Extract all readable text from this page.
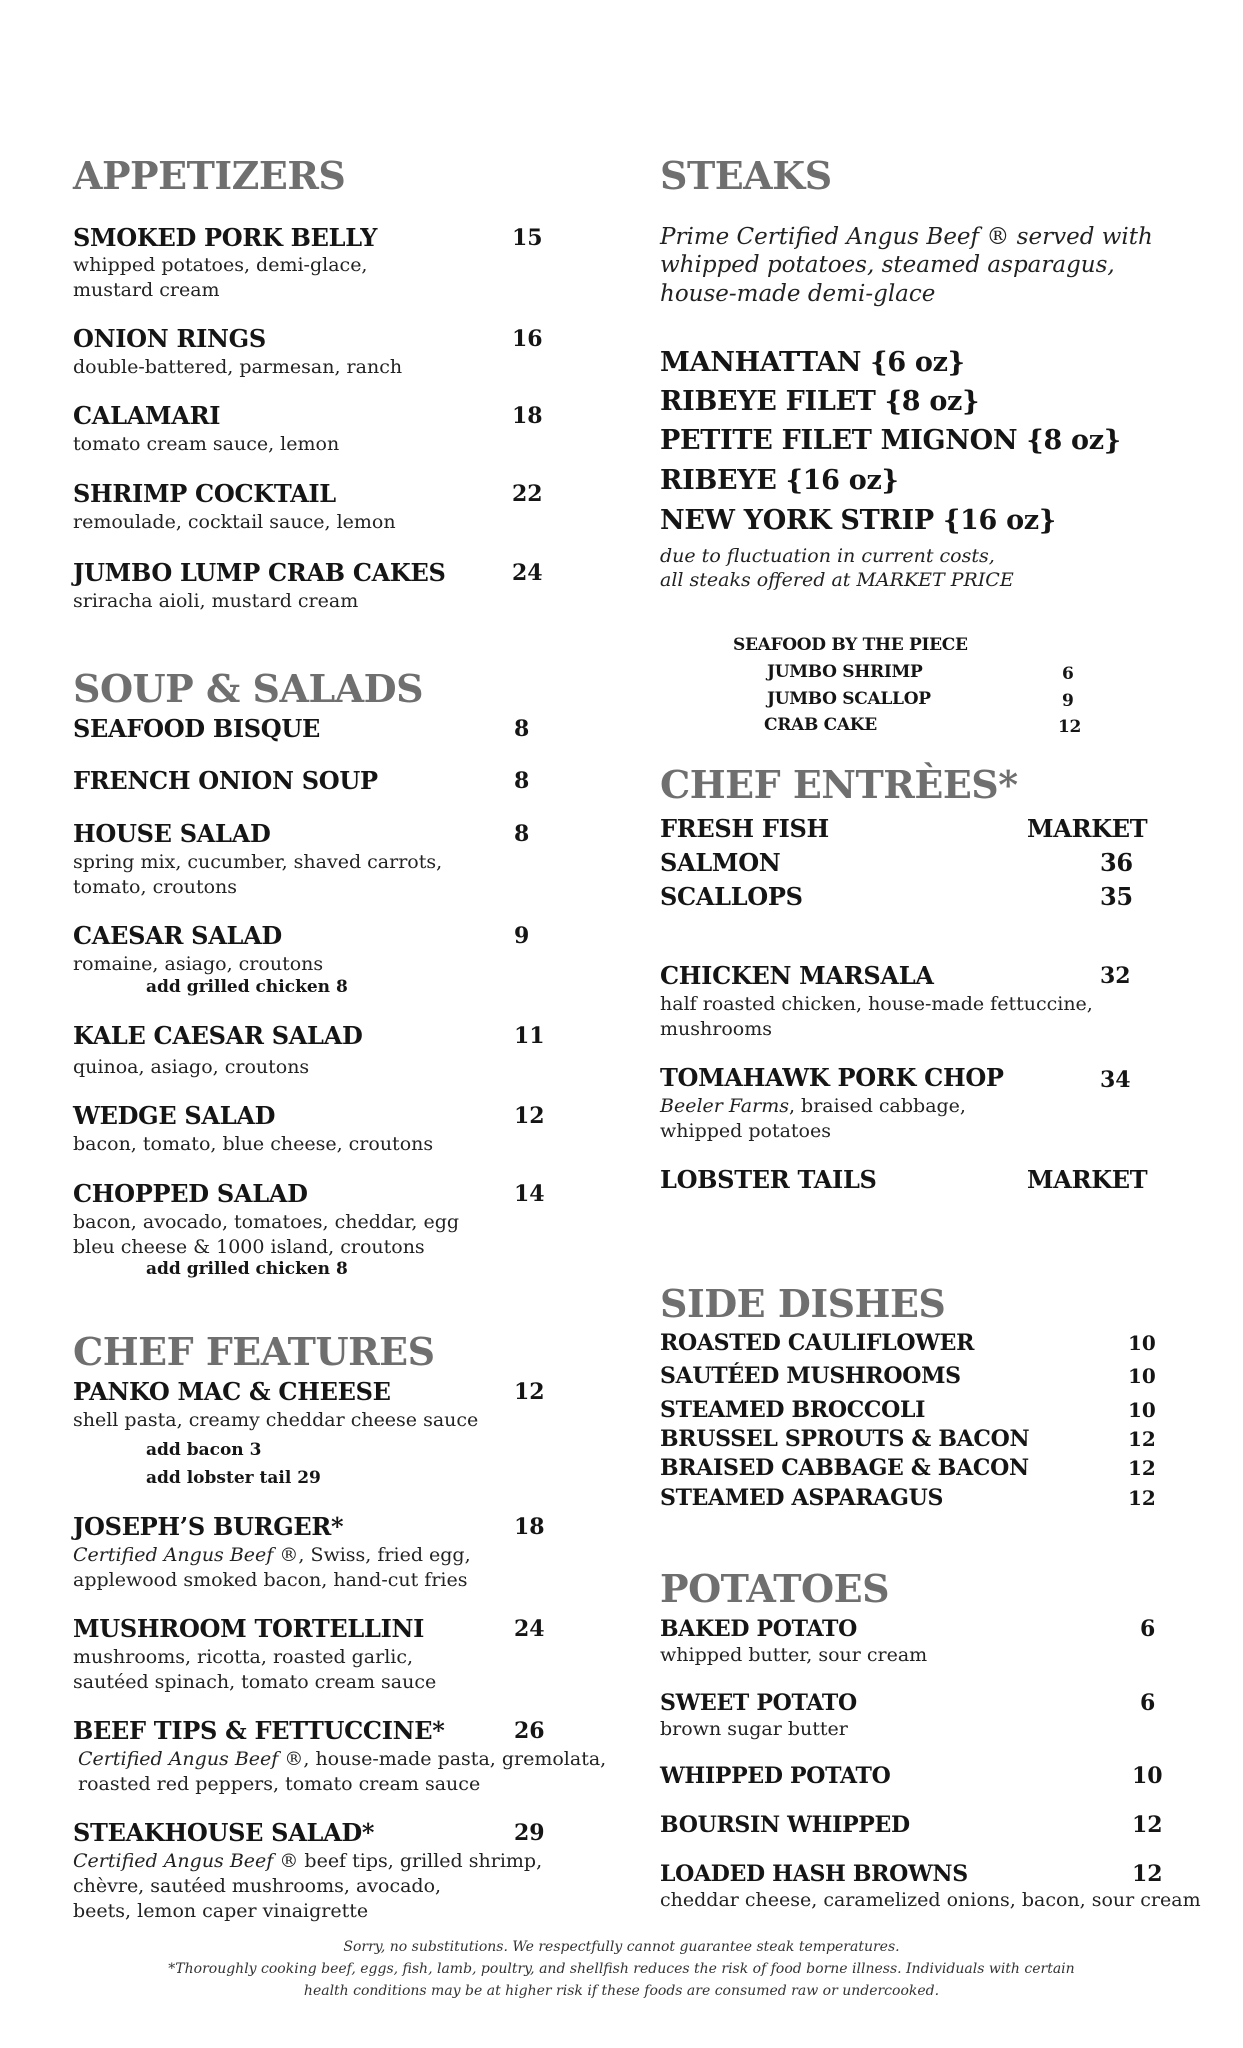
APPETIZERS
SMOKED PORK BELLY	15
whipped potatoes, demi-glace,
mustard cream
ONION RINGS	16
double-battered, parmesan, ranch
CALAMARI	18
tomato cream sauce, lemon
SHRIMP COCKTAIL	22
remoulade, cocktail sauce, lemon
JUMBO LUMP CRAB CAKES	24
sriracha aioli, mustard cream
SOUP & SALADS
SEAFOOD BISQUE	8
FRENCH ONION SOUP	8
HOUSE SALAD	8
spring mix, cucumber, shaved carrots,
tomato, croutons
CAESAR SALAD	9
romaine, asiago, croutons
add grilled chicken 8
KALE CAESAR SALAD	11
quinoa, asiago, croutons
WEDGE SALAD	12
bacon, tomato, blue cheese, croutons
CHOPPED SALAD	14
bacon, avocado, tomatoes, cheddar, egg
bleu cheese & 1000 island, croutons
add grilled chicken 8
CHEF FEATURES
PANKO MAC & CHEESE	12
shell pasta, creamy cheddar cheese sauce
add bacon 3
add lobster tail 29
JOSEPH’S BURGER*	18
Certified Angus Beef ®, Swiss, fried egg,
applewood smoked bacon, hand-cut fries
MUSHROOM TORTELLINI	24
mushrooms, ricotta, roasted garlic,
sautéed spinach, tomato cream sauce
BEEF TIPS & FETTUCCINE*	26
Certified Angus Beef ®, house-made pasta, gremolata,
roasted red peppers, tomato cream sauce
STEAKHOUSE SALAD*	29
Certified Angus Beef ® beef tips, grilled shrimp,
chèvre, sautéed mushrooms, avocado,
beets, lemon caper vinaigrette
STEAKS
Prime Certified Angus Beef ® served with
whipped potatoes, steamed asparagus,
house-made demi-glace
MANHATTAN {6 oz}
RIBEYE FILET {8 oz}
PETITE FILET MIGNON {8 oz}
RIBEYE {16 oz}
NEW YORK STRIP {16 oz}
due to fluctuation in current costs,
all steaks offered at MARKET PRICE
SEAFOOD BY THE PIECE
JUMBO SHRIMP	6
JUMBO SCALLOP	9
CRAB CAKE	12
CHEF ENTRÈES*
FRESH FISH	MARKET
SALMON	36
SCALLOPS	35
CHICKEN MARSALA	32
half roasted chicken, house-made fettuccine,
mushrooms
TOMAHAWK PORK CHOP	34
Beeler Farms, braised cabbage,
whipped potatoes
LOBSTER TAILS	MARKET
SIDE DISHES
ROASTED CAULIFLOWER	10
SAUTÉED MUSHROOMS	10
STEAMED BROCCOLI	10
BRUSSEL SPROUTS & BACON	12
BRAISED CABBAGE & BACON	12
STEAMED ASPARAGUS	12
POTATOES
BAKED POTATO	6
whipped butter, sour cream
SWEET POTATO	6
brown sugar butter
WHIPPED POTATO	10
BOURSIN WHIPPED	12
LOADED HASH BROWNS	12
cheddar cheese, caramelized onions, bacon, sour cream
Sorry, no substitutions. We respectfully cannot guarantee steak temperatures.
*Thoroughly cooking beef, eggs, fish, lamb, poultry, and shellfish reduces the risk of food borne illness. Individuals with certain
health conditions may be at higher risk if these foods are consumed raw or undercooked.
